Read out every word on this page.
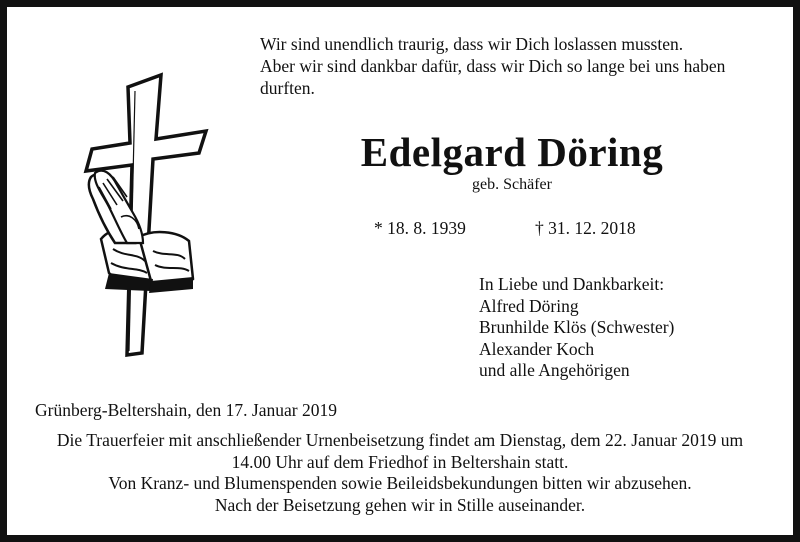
Wir sind unendlich traurig, dass wir Dich loslassen mussten.
Aber wir sind dankbar dafür, dass wir Dich so lange bei uns haben
durften.
Edelgard Döring
geb. Schäfer
* 18. 8. 1939	† 31. 12. 2018
In Liebe und Dankbarkeit:
Alfred Döring
Brunhilde Klös (Schwester)
Alexander Koch
und alle Angehörigen
Grünberg-Beltershain, den 17. Januar 2019

Die Trauerfeier mit anschließender Urnenbeisetzung findet am Dienstag, dem 22. Januar 2019 um

14.00 Uhr auf dem Friedhof in Beltershain statt.

Von Kranz- und Blumenspenden sowie Beileidsbekundungen bitten wir abzusehen.

Nach der Beisetzung gehen wir in Stille auseinander.
